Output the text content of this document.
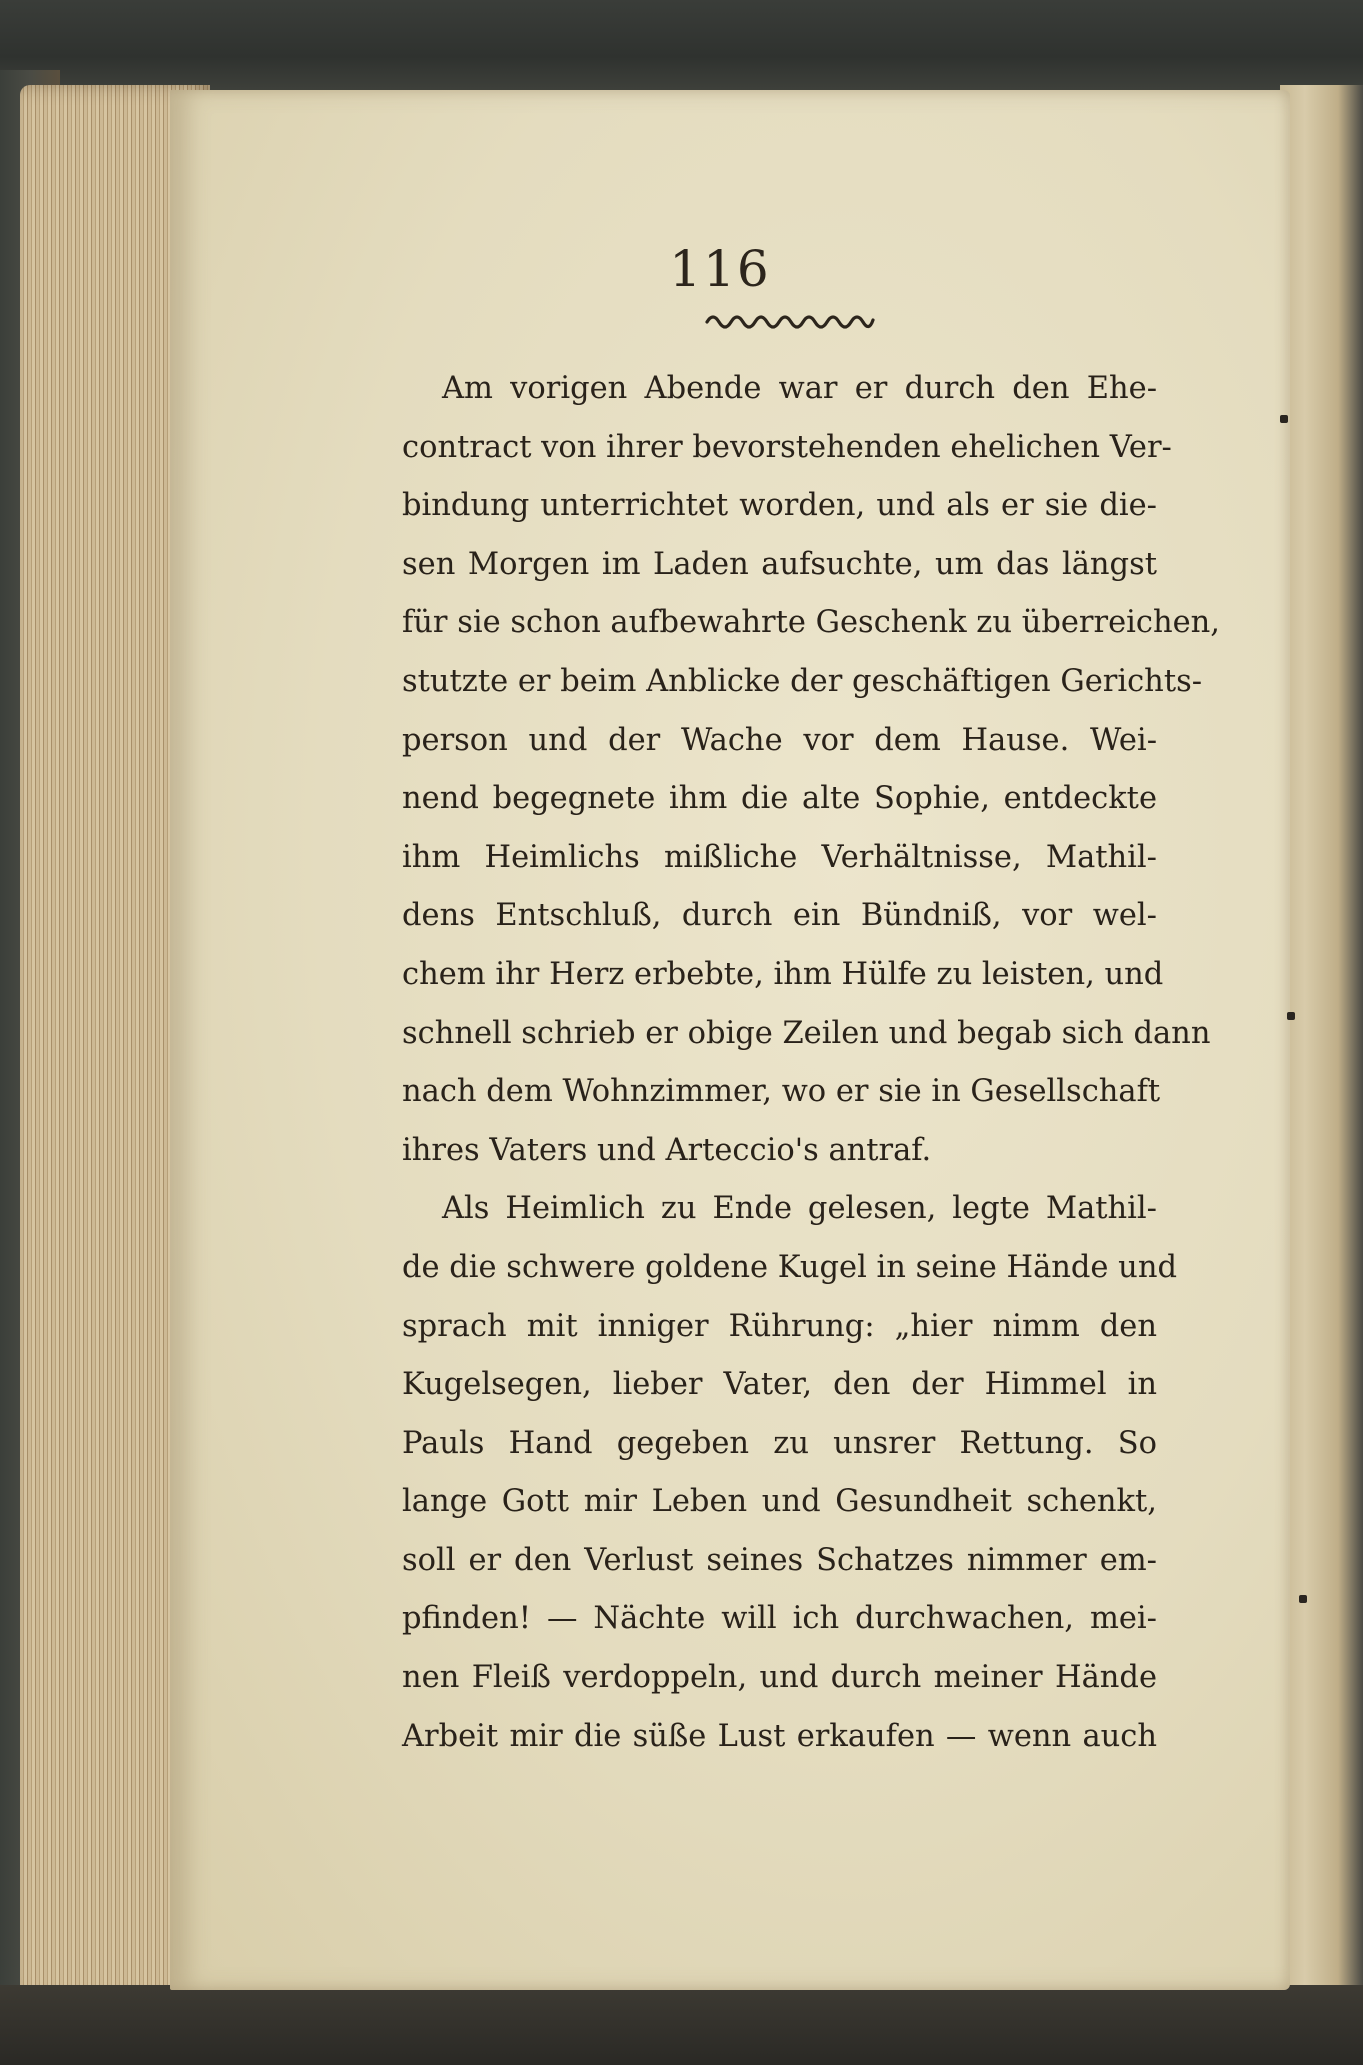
116
Am vorigen Abende war er durch den Ehe-
contract von ihrer bevorstehenden ehelichen Ver-
bindung unterrichtet worden, und als er sie die-
sen Morgen im Laden aufsuchte, um das längst
für sie schon aufbewahrte Geschenk zu überreichen,
stutzte er beim Anblicke der geschäftigen Gerichts-
person und der Wache vor dem Hause. Wei-
nend begegnete ihm die alte Sophie, entdeckte
ihm Heimlichs mißliche Verhältnisse, Mathil-
dens Entschluß, durch ein Bündniß, vor wel-
chem ihr Herz erbebte, ihm Hülfe zu leisten, und
schnell schrieb er obige Zeilen und begab sich dann
nach dem Wohnzimmer, wo er sie in Gesellschaft
ihres Vaters und Arteccio's antraf.
Als Heimlich zu Ende gelesen, legte Mathil-
de die schwere goldene Kugel in seine Hände und
sprach mit inniger Rührung: „hier nimm den
Kugelsegen, lieber Vater, den der Himmel in
Pauls Hand gegeben zu unsrer Rettung. So
lange Gott mir Leben und Gesundheit schenkt,
soll er den Verlust seines Schatzes nimmer em-
pfinden! — Nächte will ich durchwachen, mei-
nen Fleiß verdoppeln, und durch meiner Hände
Arbeit mir die süße Lust erkaufen — wenn auch
